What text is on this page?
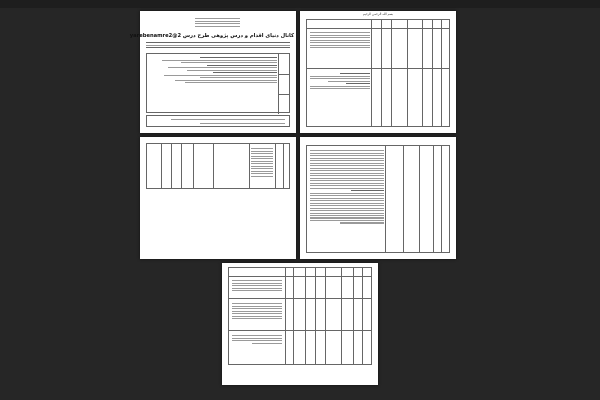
کانال دنیای اقدام و درس پژوهی طرح درس 2@yarebenamre2
بسم الله الرحمن الرحیم
